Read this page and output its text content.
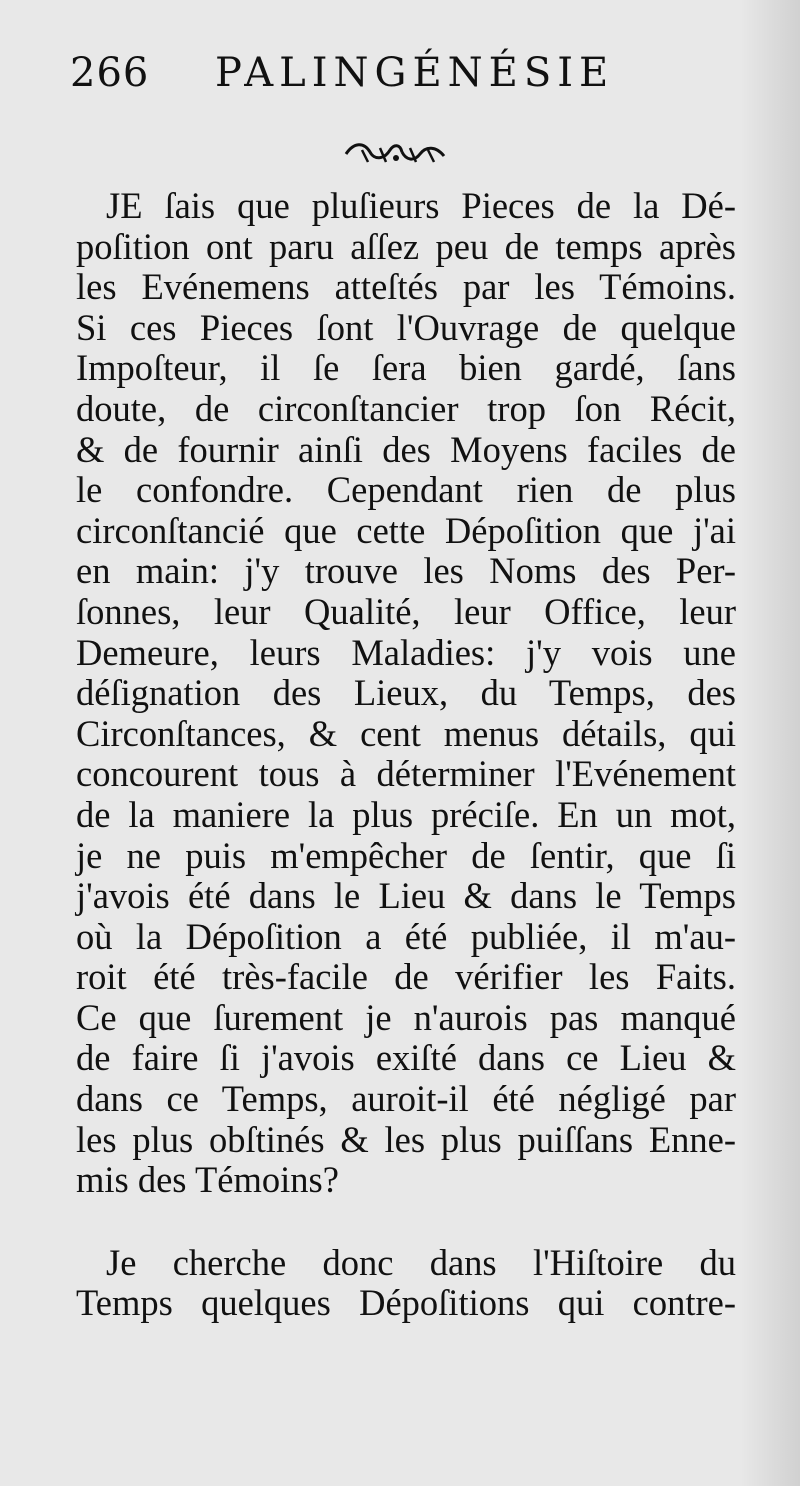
266 PALINGÉNÉSIE
JE ſais que pluſieurs Pieces de la Dé-
poſition ont paru aſſez peu de temps après
les Evénemens atteſtés par les Témoins.
Si ces Pieces ſont l'Ouvrage de quelque
Impoſteur, il ſe ſera bien gardé, ſans
doute, de circonſtancier trop ſon Récit,
& de fournir ainſi des Moyens faciles de
le confondre. Cependant rien de plus
circonſtancié que cette Dépoſition que j'ai
en main: j'y trouve les Noms des Per-
ſonnes, leur Qualité, leur Office, leur
Demeure, leurs Maladies: j'y vois une
déſignation des Lieux, du Temps, des
Circonſtances, & cent menus détails, qui
concourent tous à déterminer l'Evénement
de la maniere la plus préciſe. En un mot,
je ne puis m'empêcher de ſentir, que ſi
j'avois été dans le Lieu & dans le Temps
où la Dépoſition a été publiée, il m'au-
roit été très-facile de vérifier les Faits.
Ce que ſurement je n'aurois pas manqué
de faire ſi j'avois exiſté dans ce Lieu &
dans ce Temps, auroit-il été négligé par
les plus obſtinés & les plus puiſſans Enne-
mis des Témoins?
Je cherche donc dans l'Hiſtoire du
Temps quelques Dépoſitions qui contre-
